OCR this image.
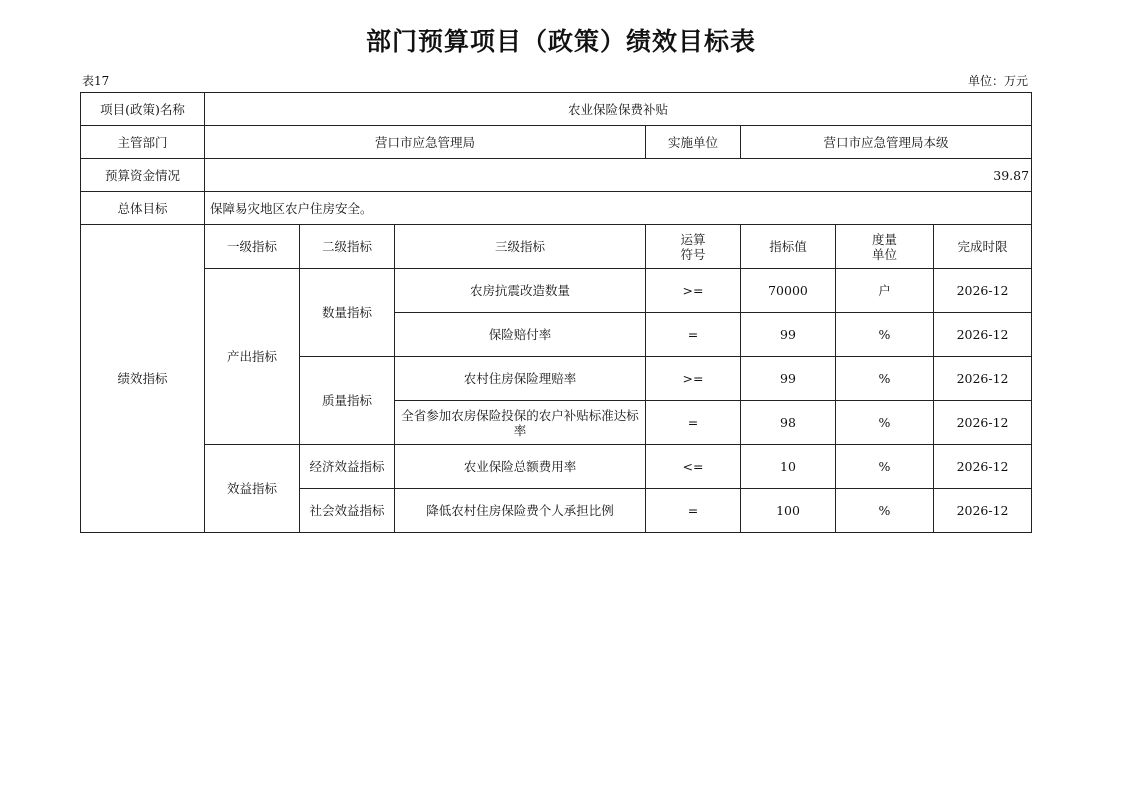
部门预算项目（政策）绩效目标表
表17	单位：万元
项目(政策)名称	农业保险保费补贴						
主管部门	营口市应急管理局			实施单位	营口市应急管理局本级		
预算资金情况	39.87						
总体目标	保障易灾地区农户住房安全。						
绩效指标	一级指标	二级指标	三级指标	运算符号	指标值	度量单位	完成时限
	产出指标	数量指标	农房抗震改造数量	>=	70000	户	2026-12
			保险赔付率	=	99	%	2026-12
		质量指标	农村住房保险理赔率	>=	99	%	2026-12
			全省参加农房保险投保的农户补贴标准达标率	=	98	%	2026-12
	效益指标	经济效益指标	农业保险总额费用率	<=	10	%	2026-12
		社会效益指标	降低农村住房保险费个人承担比例	=	100	%	2026-12
